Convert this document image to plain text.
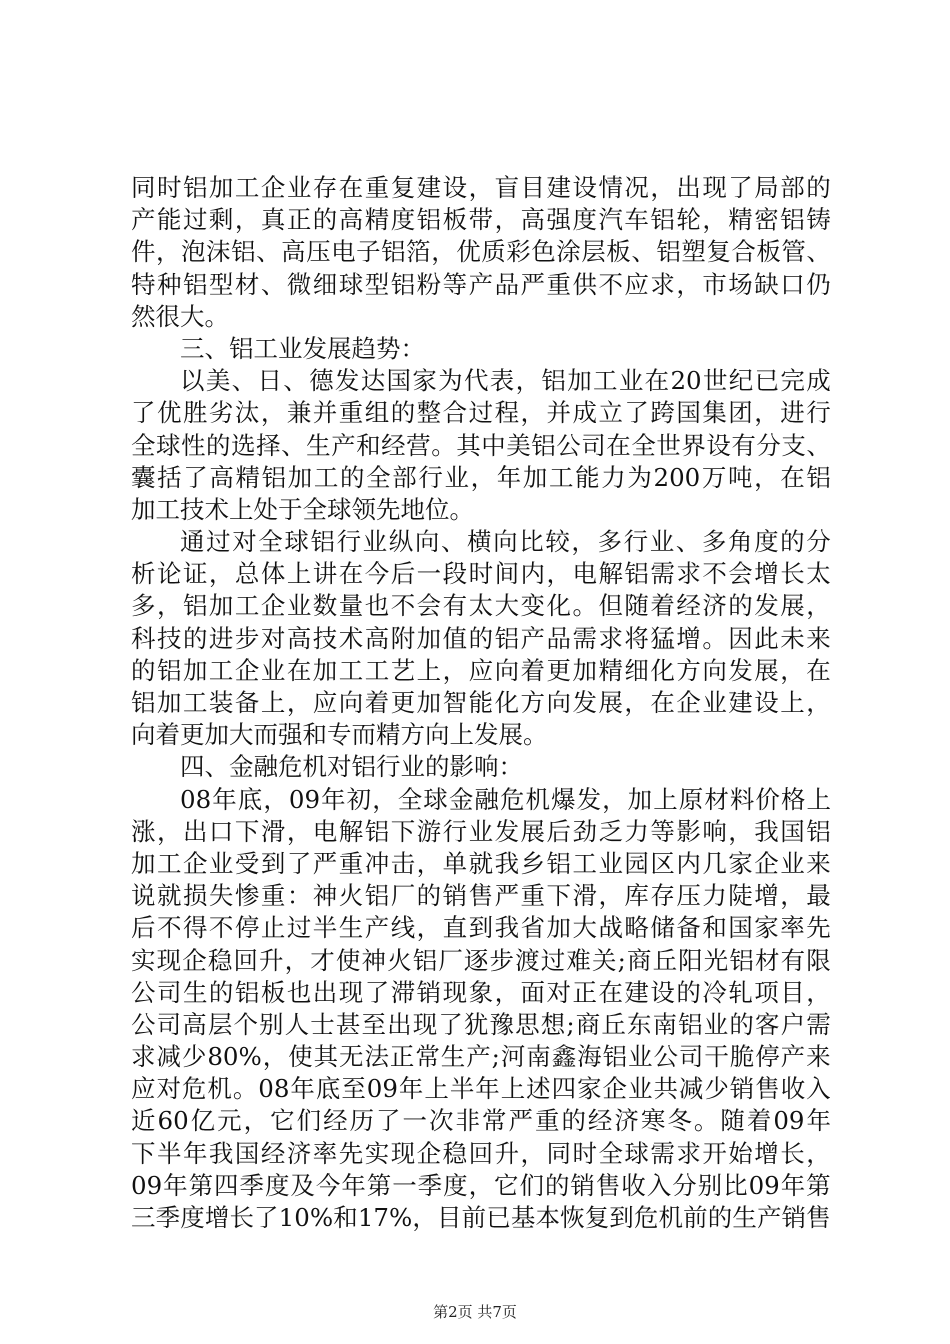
同 时 铝 加 工 企 业 存 在 重 复 建 设 ， 盲 目 建 设 情 况 ， 出 现 了 局 部 的
产 能 过 剩 ， 真 正 的 高 精 度 铝 板 带 ， 高 强 度 汽 车 铝 轮 ， 精 密 铝 铸
件 ， 泡 沫 铝 、 高 压 电 子 铝 箔 ， 优 质 彩 色 涂 层 板 、 铝 塑 复 合 板 管 、
特 种 铝 型 材 、 微 细 球 型 铝 粉 等 产 品 严 重 供 不 应 求 ， 市 场 缺 口 仍
然很大。
三、铝工业发展趋势：
以 美 、 日 、 德 发 达 国 家 为 代 表 ， 铝 加 工 业 在 20 世 纪 已 完 成
了 优 胜 劣 汰 ， 兼 并 重 组 的 整 合 过 程 ， 并 成 立 了 跨 国 集 团 ， 进 行
全 球 性 的 选 择 、 生 产 和 经 营 。 其 中 美 铝 公 司 在 全 世 界 设 有 分 支 、
囊 括 了 高 精 铝 加 工 的 全 部 行 业 ， 年 加 工 能 力 为 200 万 吨 ， 在 铝
加工技术上处于全球领先地位。
通 过 对 全 球 铝 行 业 纵 向 、 横 向 比 较 ， 多 行 业 、 多 角 度 的 分
析 论 证 ， 总 体 上 讲 在 今 后 一 段 时 间 内 ， 电 解 铝 需 求 不 会 增 长 太
多 ， 铝 加 工 企 业 数 量 也 不 会 有 太 大 变 化 。 但 随 着 经 济 的 发 展 ，
科 技 的 进 步 对 高 技 术 高 附 加 值 的 铝 产 品 需 求 将 猛 增 。 因 此 未 来
的 铝 加 工 企 业 在 加 工 工 艺 上 ， 应 向 着 更 加 精 细 化 方 向 发 展 ， 在
铝 加 工 装 备 上 ， 应 向 着 更 加 智 能 化 方 向 发 展 ， 在 企 业 建 设 上 ，
向着更加大而强和专而精方向上发展。
四、金融危机对铝行业的影响：
08 年 底 ， 09 年 初 ， 全 球 金 融 危 机 爆 发 ， 加 上 原 材 料 价 格 上
涨 ， 出 口 下 滑 ， 电 解 铝 下 游 行 业 发 展 后 劲 乏 力 等 影 响 ， 我 国 铝
加 工 企 业 受 到 了 严 重 冲 击 ， 单 就 我 乡 铝 工 业 园 区 内 几 家 企 业 来
说 就 损 失 惨 重 ： 神 火 铝 厂 的 销 售 严 重 下 滑 ， 库 存 压 力 陡 增 ， 最
后 不 得 不 停 止 过 半 生 产 线 ， 直 到 我 省 加 大 战 略 储 备 和 国 家 率 先
实 现 企 稳 回 升 ， 才 使 神 火 铝 厂 逐 步 渡 过 难 关 ; 商 丘 阳 光 铝 材 有 限
公 司 生 的 铝 板 也 出 现 了 滞 销 现 象 ， 面 对 正 在 建 设 的 冷 轧 项 目 ，
公 司 高 层 个 别 人 士 甚 至 出 现 了 犹 豫 思 想 ; 商 丘 东 南 铝 业 的 客 户 需
求 减 少 80% ， 使 其 无 法 正 常 生 产 ; 河 南 鑫 海 铝 业 公 司 干 脆 停 产 来
应 对 危 机 。 08 年 底 至 09 年 上 半 年 上 述 四 家 企 业 共 减 少 销 售 收 入
近 60 亿 元 ， 它 们 经 历 了 一 次 非 常 严 重 的 经 济 寒 冬 。 随 着 09 年
下 半 年 我 国 经 济 率 先 实 现 企 稳 回 升 ， 同 时 全 球 需 求 开 始 增 长 ，
09 年 第 四 季 度 及 今 年 第 一 季 度 ， 它 们 的 销 售 收 入 分 别 比 09 年 第
三 季 度 增 长 了 10% 和 17% ， 目 前 已 基 本 恢 复 到 危 机 前 的 生 产 销 售
第2页 共7页
